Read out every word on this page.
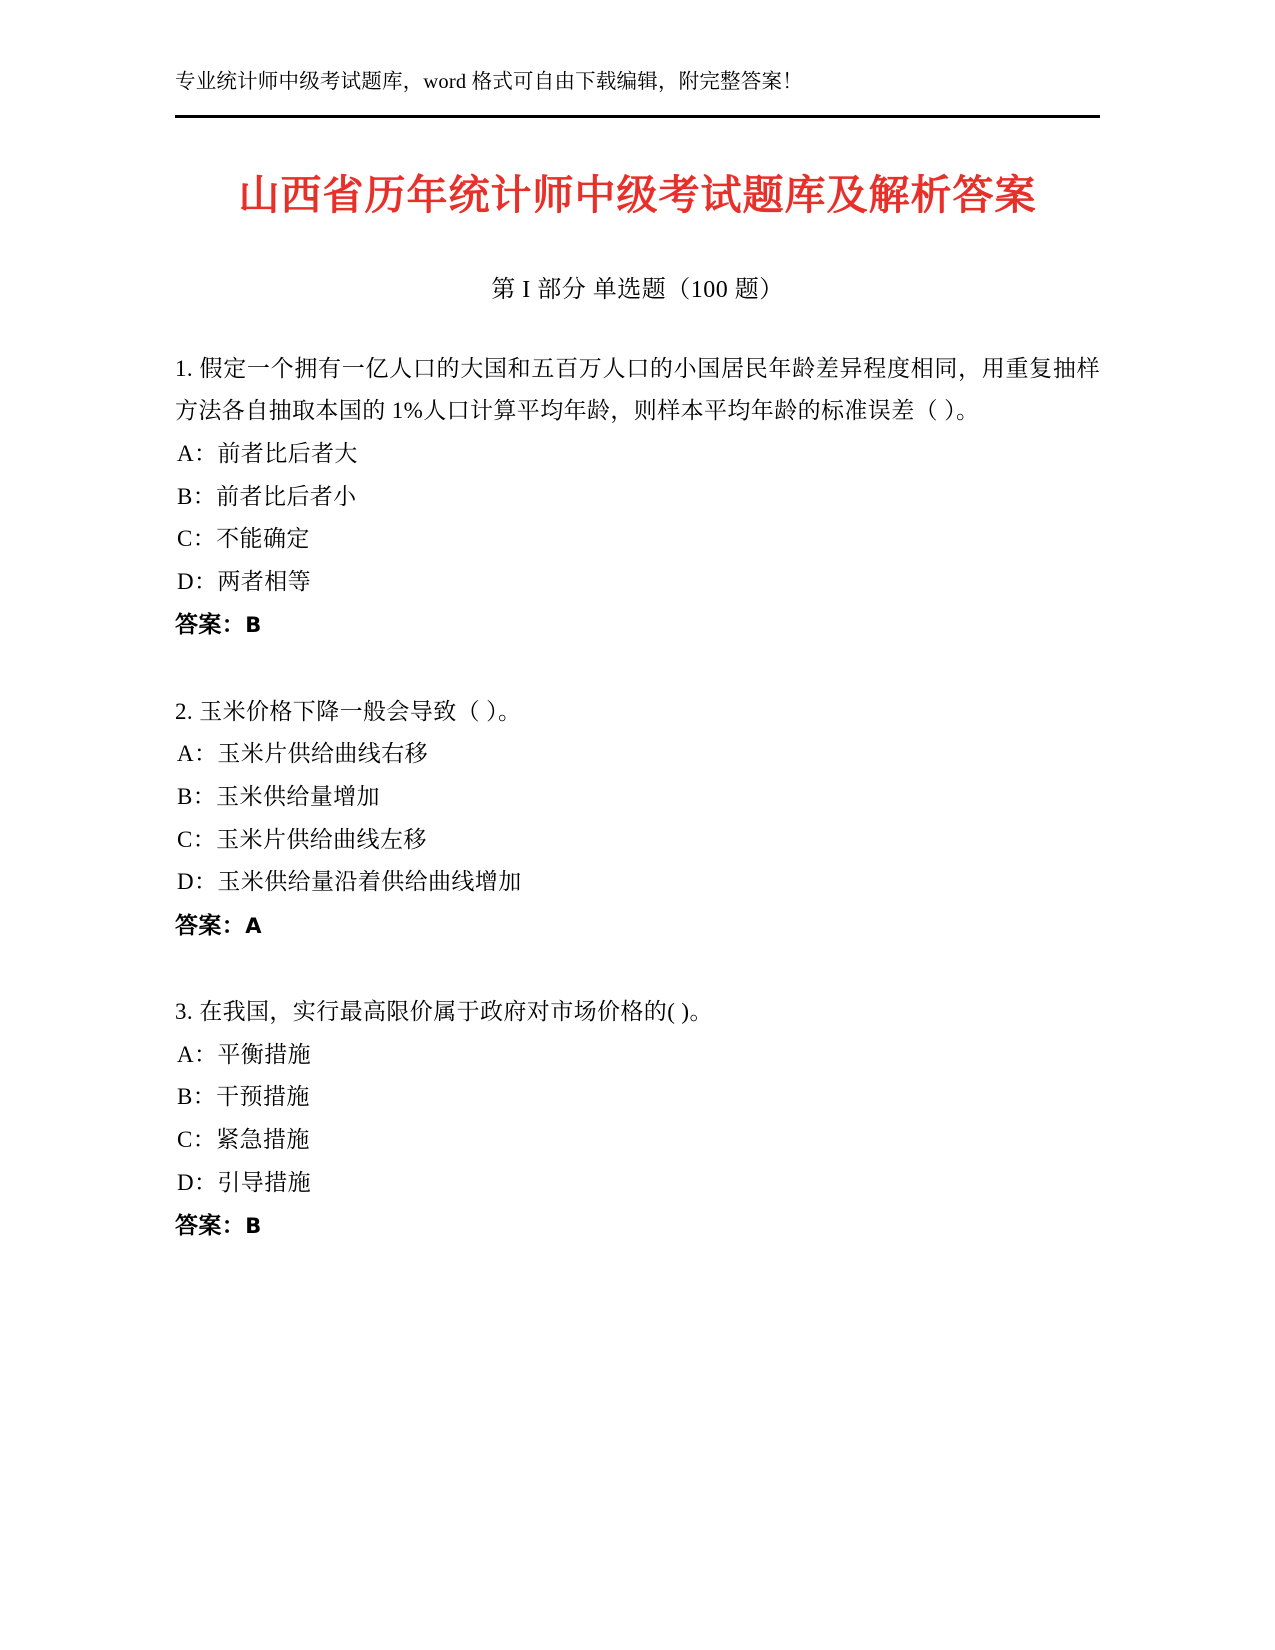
专业统计师中级考试题库，word 格式可自由下载编辑，附完整答案！
山西省历年统计师中级考试题库及解析答案
第 I 部分 单选题（100 题）
1. 假定一个拥有一亿人口的大国和五百万人口的小国居民年龄差异程度相同，用重复抽样方法各自抽取本国的 1%人口计算平均年龄，则样本平均年龄的标准误差（ ）。
A：前者比后者大
B：前者比后者小
C：不能确定
D：两者相等
答案：B
2. 玉米价格下降一般会导致（ ）。
A：玉米片供给曲线右移
B：玉米供给量增加
C：玉米片供给曲线左移
D：玉米供给量沿着供给曲线增加
答案：A
3. 在我国，实行最高限价属于政府对市场价格的( )。
A：平衡措施
B：干预措施
C：紧急措施
D：引导措施
答案：B
